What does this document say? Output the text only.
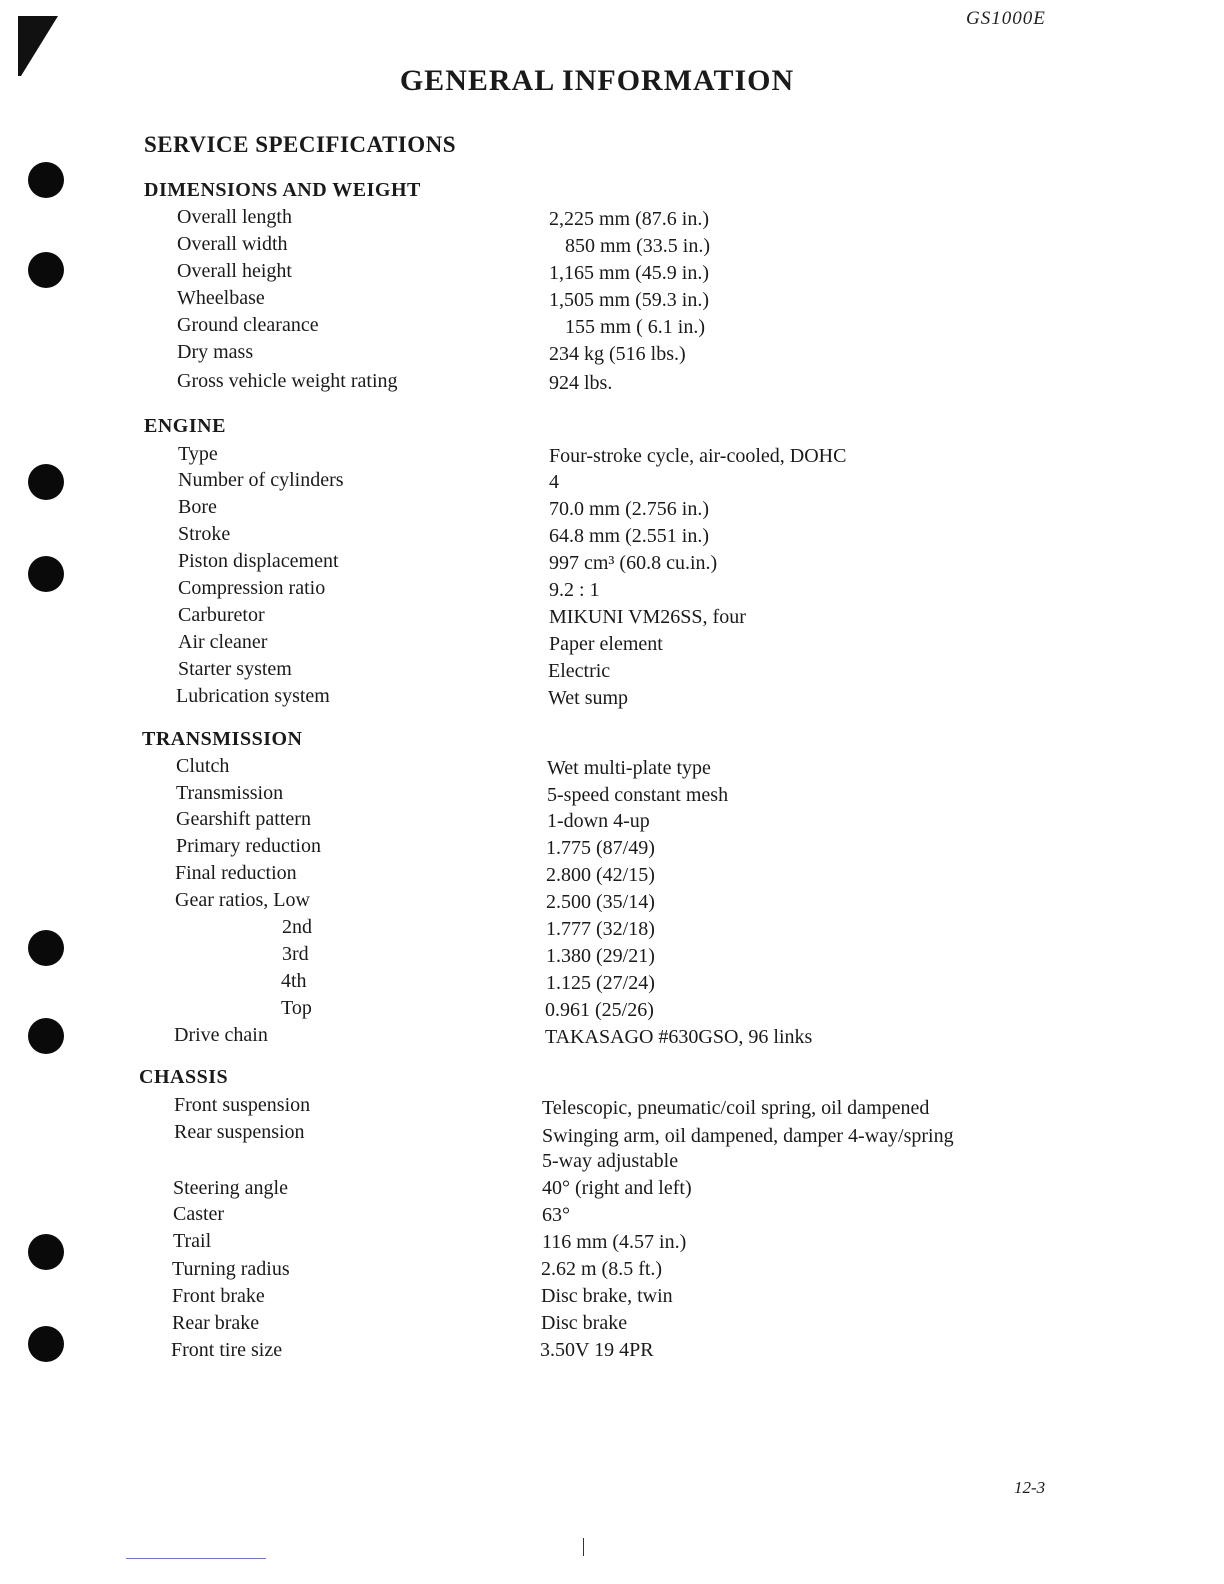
GS1000E
GENERAL INFORMATION
SERVICE SPECIFICATIONS
DIMENSIONS AND WEIGHT
Overall length	2,225 mm (87.6 in.)
Overall width	850 mm (33.5 in.)
Overall height	1,165 mm (45.9 in.)
Wheelbase	1,505 mm (59.3 in.)
Ground clearance	155 mm ( 6.1 in.)
Dry mass	234 kg (516 lbs.)
Gross vehicle weight rating	924 lbs.
ENGINE
Type	Four-stroke cycle, air-cooled, DOHC
Number of cylinders	4
Bore	70.0 mm (2.756 in.)
Stroke	64.8 mm (2.551 in.)
Piston displacement	997 cm³ (60.8 cu.in.)
Compression ratio	9.2 : 1
Carburetor	MIKUNI VM26SS, four
Air cleaner	Paper element
Starter system	Electric
Lubrication system	Wet sump
TRANSMISSION
Clutch	Wet multi-plate type
Transmission	5-speed constant mesh
Gearshift pattern	1-down 4-up
Primary reduction	1.775 (87/49)
Final reduction	2.800 (42/15)
Gear ratios, Low	2.500 (35/14)
2nd	1.777 (32/18)
3rd	1.380 (29/21)
4th	1.125 (27/24)
Top	0.961 (25/26)
Drive chain	TAKASAGO #630GSO, 96 links
CHASSIS
Front suspension	Telescopic, pneumatic/coil spring, oil dampened
Rear suspension	Swinging arm, oil dampened, damper 4-way/spring
5-way adjustable
Steering angle	40° (right and left)
Caster	63°
Trail	116 mm (4.57 in.)
Turning radius	2.62 m (8.5 ft.)
Front brake	Disc brake, twin
Rear brake	Disc brake
Front tire size	3.50V 19 4PR
12-3
